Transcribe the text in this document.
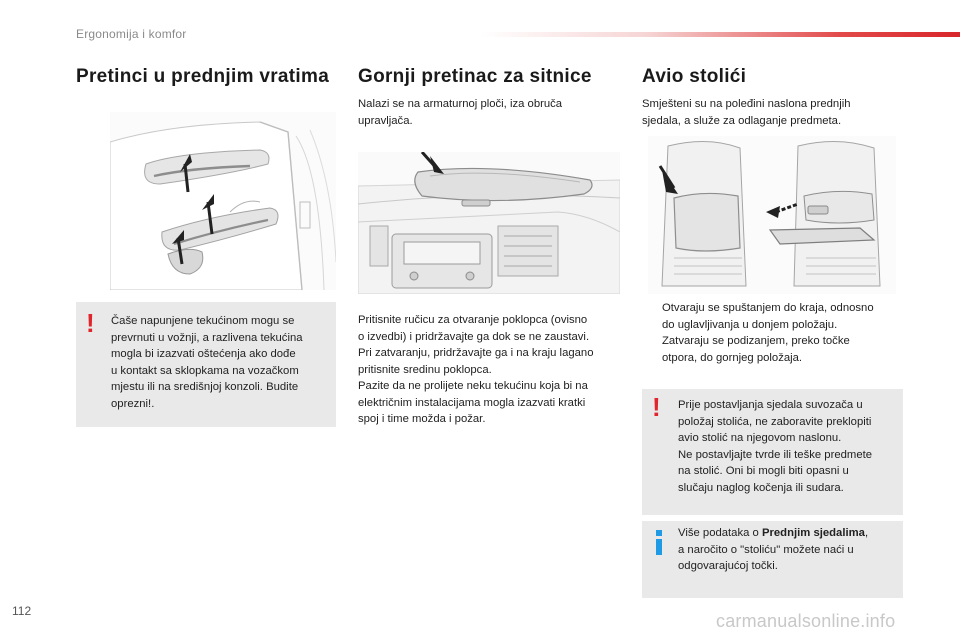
Ergonomija i komfor
Pretinci u prednjim vratima
! Čaše napunjene tekućinom mogu se
prevrnuti u vožnji, a razlivena tekućina
mogla bi izazvati oštećenja ako dođe
u kontakt sa sklopkama na vozačkom
mjestu ili na središnjoj konzoli. Budite
oprezni!.
Gornji pretinac za sitnice
Nalazi se na armaturnoj ploči, iza obruča
upravljača.
Pritisnite ručicu za otvaranje poklopca (ovisno
o izvedbi) i pridržavajte ga dok se ne zaustavi.
Pri zatvaranju, pridržavajte ga i na kraju lagano
pritisnite sredinu poklopca.
Pazite da ne prolijete neku tekućinu koja bi na
električnim instalacijama mogla izazvati kratki
spoj i time možda i požar.
Avio stolići
Smješteni su na poleđini naslona prednjih
sjedala, a služe za odlaganje predmeta.
Otvaraju se spuštanjem do kraja, odnosno
do uglavljivanja u donjem položaju.
Zatvaraju se podizanjem, preko točke
otpora, do gornjeg položaja.
! Prije postavljanja sjedala suvozača u
položaj stolića, ne zaboravite preklopiti
avio stolić na njegovom naslonu.
Ne postavljajte tvrde ili teške predmete
na stolić. Oni bi mogli biti opasni u
slučaju naglog kočenja ili sudara.
Više podataka o Prednjim sjedalima,
a naročito o "stoliću" možete naći u
odgovarajućoj točki.
112	carmanualsonline.info
